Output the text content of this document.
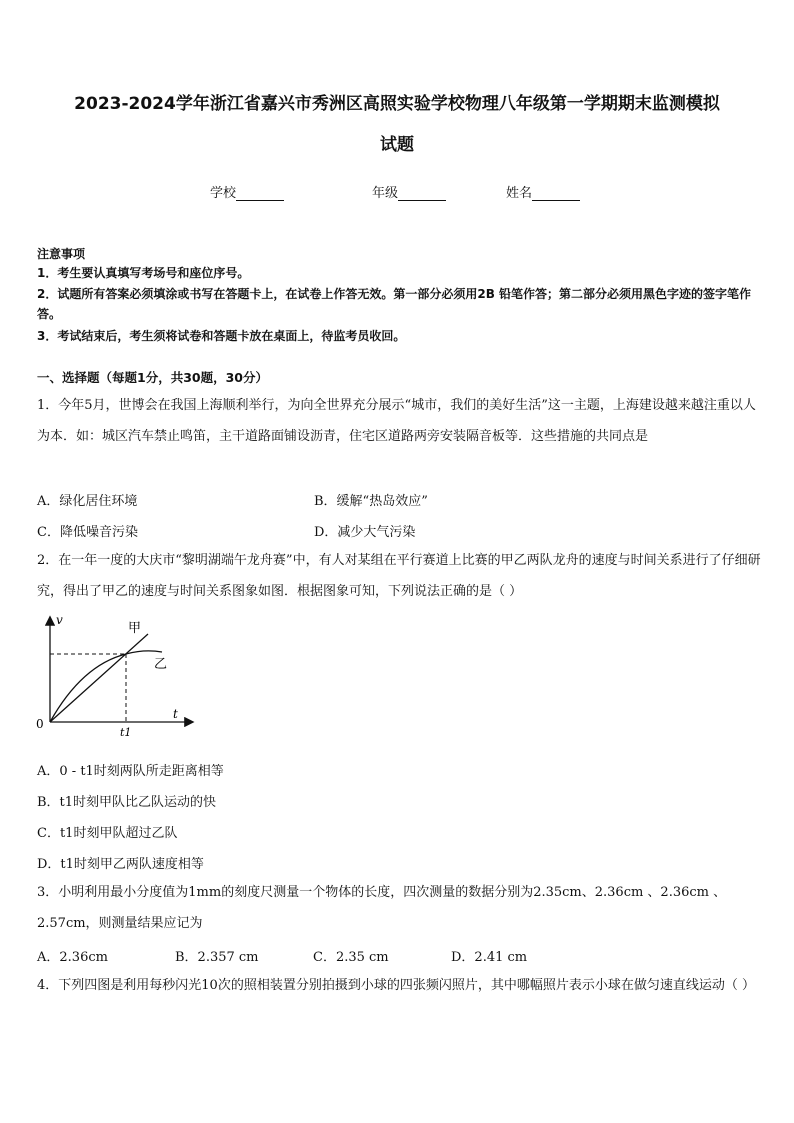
2023-2024学年浙江省嘉兴市秀洲区高照实验学校物理八年级第一学期期末监测模拟
试题
学校	年级	姓名
注意事项
1．考生要认真填写考场号和座位序号。
2．试题所有答案必须填涂或书写在答题卡上，在试卷上作答无效。第一部分必须用2B 铅笔作答；第二部分必须用黑色字迹的签字笔作答。
3．考试结束后，考生须将试卷和答题卡放在桌面上，待监考员收回。
一、选择题（每题1分，共30题，30分）
1．今年5月，世博会在我国上海顺利举行，为向全世界充分展示“城市，我们的美好生活”这一主题，上海建设越来越注重以人为本．如：城区汽车禁止鸣笛，主干道路面铺设沥青，住宅区道路两旁安装隔音板等．这些措施的共同点是
A．绿化居住环境	B．缓解“热岛效应”
C．降低噪音污染	D．减少大气污染
2．在一年一度的大庆市“黎明湖端午龙舟赛”中，有人对某组在平行赛道上比赛的甲乙两队龙舟的速度与时间关系进行了仔细研究，得出了甲乙的速度与时间关系图象如图．根据图象可知，下列说法正确的是（ ）
v
t
0
t1
甲
乙
A．0 - t1时刻两队所走距离相等
B．t1时刻甲队比乙队运动的快
C．t1时刻甲队超过乙队
D．t1时刻甲乙两队速度相等
3．小明利用最小分度值为1mm的刻度尺测量一个物体的长度，四次测量的数据分别为2.35cm、2.36cm 、2.36cm 、2.57cm，则测量结果应记为
A．2.36cm	B．2.357 cm	C．2.35 cm	D．2.41 cm
4．下列四图是利用每秒闪光10次的照相装置分别拍摄到小球的四张频闪照片，其中哪幅照片表示小球在做匀速直线运动（ ）
